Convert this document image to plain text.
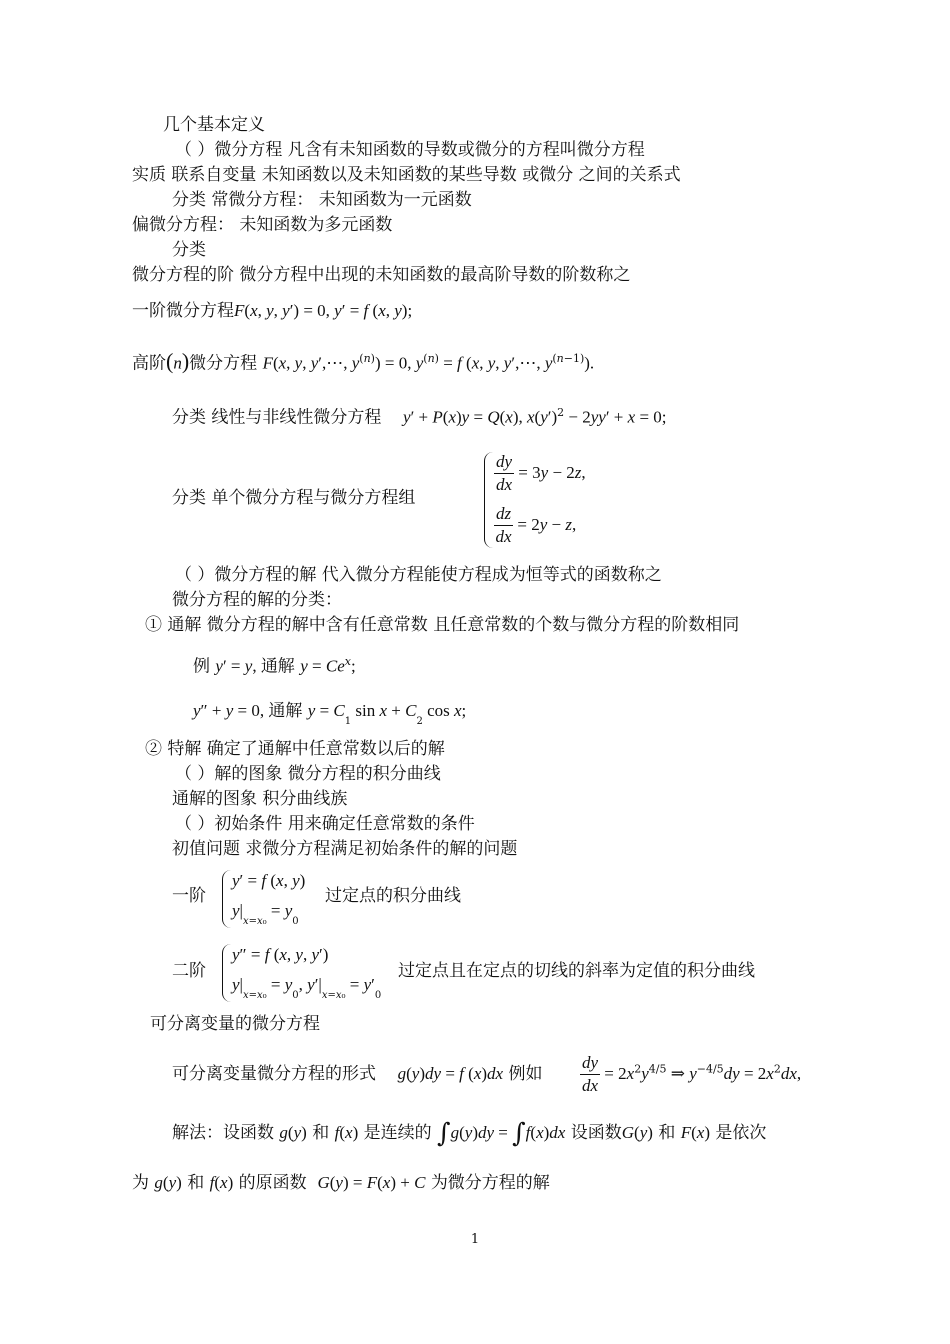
几个基本定义
（ ）微分方程 凡含有未知函数的导数或微分的方程叫微分方程
实质 联系自变量 未知函数以及未知函数的某些导数 或微分 之间的关系式
分类 常微分方程： 未知函数为一元函数
偏微分方程： 未知函数为多元函数
分类
微分方程的阶 微分方程中出现的未知函数的最高阶导数的阶数称之
一阶微分方程F(x, y, y′) = 0, y′ = f (x, y);
高阶(n)微分方程 F(x, y, y′,⋯, $y^{(n)}) = 0$, $y^{(n)} = f$ (x, y, y′,⋯, $y^{(n-1)}$).
分类 线性与非线性微分方程 y′ + P(x)y = Q(x), $x(y')^2 - 2yy' + x = 0$;
分类 单个微分方程与微分方程组
$\frac{dy}{dx} = 3y - 2z$,
$\frac{dz}{dx} = 2y - z$,
（ ）微分方程的解 代入微分方程能使方程成为恒等式的函数称之
微分方程的解的分类：
① 通解 微分方程的解中含有任意常数 且任意常数的个数与微分方程的阶数相同
例 y′ = y, 通解 $y = Ce^x$;
y″ + y = 0, 通解 $y = C_1$ $\sin x + C_2$ cos x;
② 特解 确定了通解中任意常数以后的解
（ ）解的图象 微分方程的积分曲线
通解的图象 积分曲线族
（ ）初始条件 用来确定任意常数的条件
初值问题 求微分方程满足初始条件的解的问题
一阶
y′ = f (x, y)
$y|_{x=x_0} = y_0$
过定点的积分曲线
二阶
y″ = f (x, y, y′)
$y|_{x=x_0} = y_0$, $y'|_{x=x_0} = y'_0$
过定点且在定点的切线的斜率为定值的积分曲线
可分离变量的微分方程
可分离变量微分方程的形式 g(y)dy = f (x)dx 例如 $\frac{dy}{dx} = 2x^2y^{4/5}$ ⇒ $y^{-4/5}dy = 2x^2dx$,
解法：设函数 g(y) 和 f(x) 是连续的 ∫g(y)dy = ∫f(x)dx 设函数G(y) 和 F(x) 是依次
为 g(y) 和 f(x) 的原函数 G(y) = F(x) + C 为微分方程的解
1
